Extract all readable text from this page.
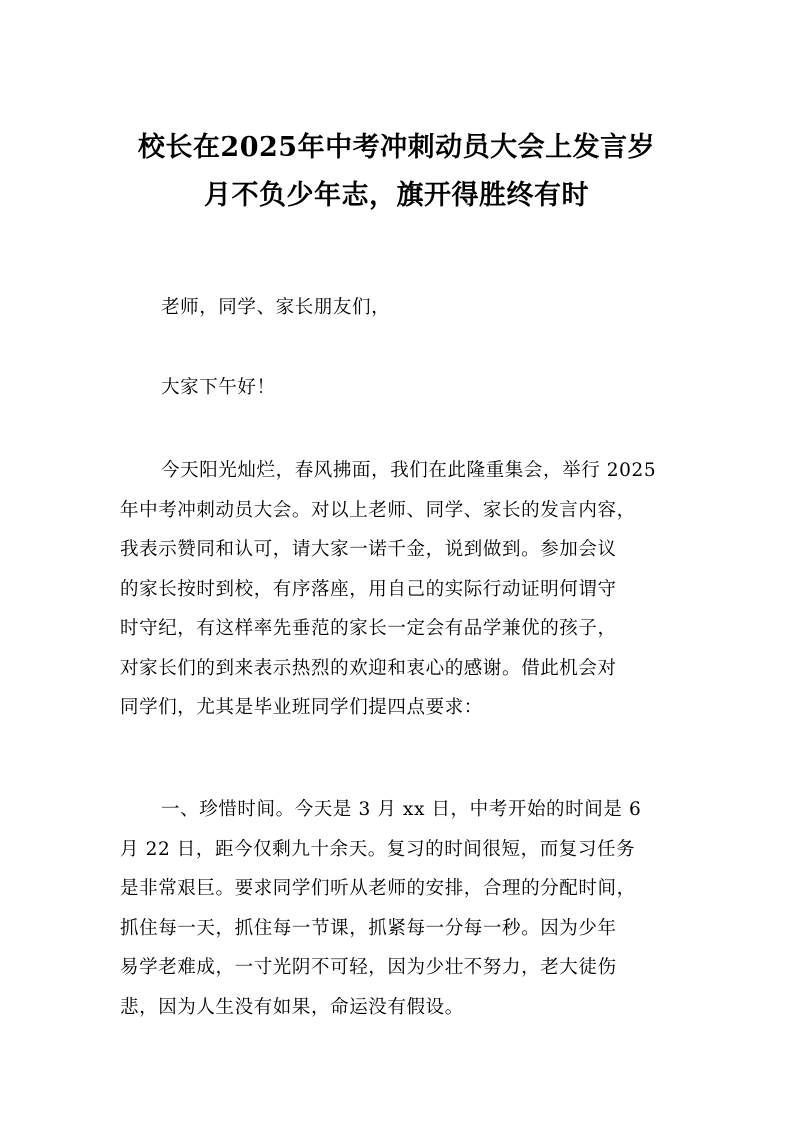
校长在2025年中考冲刺动员大会上发言岁
月不负少年志，旗开得胜终有时

老师，同学、家长朋友们，

大家下午好！

今天阳光灿烂，春风拂面，我们在此隆重集会，举行 2025
年中考冲刺动员大会。对以上老师、同学、家长的发言内容，
我表示赞同和认可，请大家一诺千金，说到做到。参加会议
的家长按时到校，有序落座，用自己的实际行动证明何谓守
时守纪，有这样率先垂范的家长一定会有品学兼优的孩子，
对家长们的到来表示热烈的欢迎和衷心的感谢。借此机会对
同学们，尤其是毕业班同学们提四点要求：

一、珍惜时间。今天是 3 月 xx 日，中考开始的时间是 6
月 22 日，距今仅剩九十余天。复习的时间很短，而复习任务
是非常艰巨。要求同学们听从老师的安排，合理的分配时间，
抓住每一天，抓住每一节课，抓紧每一分每一秒。因为少年
易学老难成，一寸光阴不可轻，因为少壮不努力，老大徒伤
悲，因为人生没有如果，命运没有假设。
